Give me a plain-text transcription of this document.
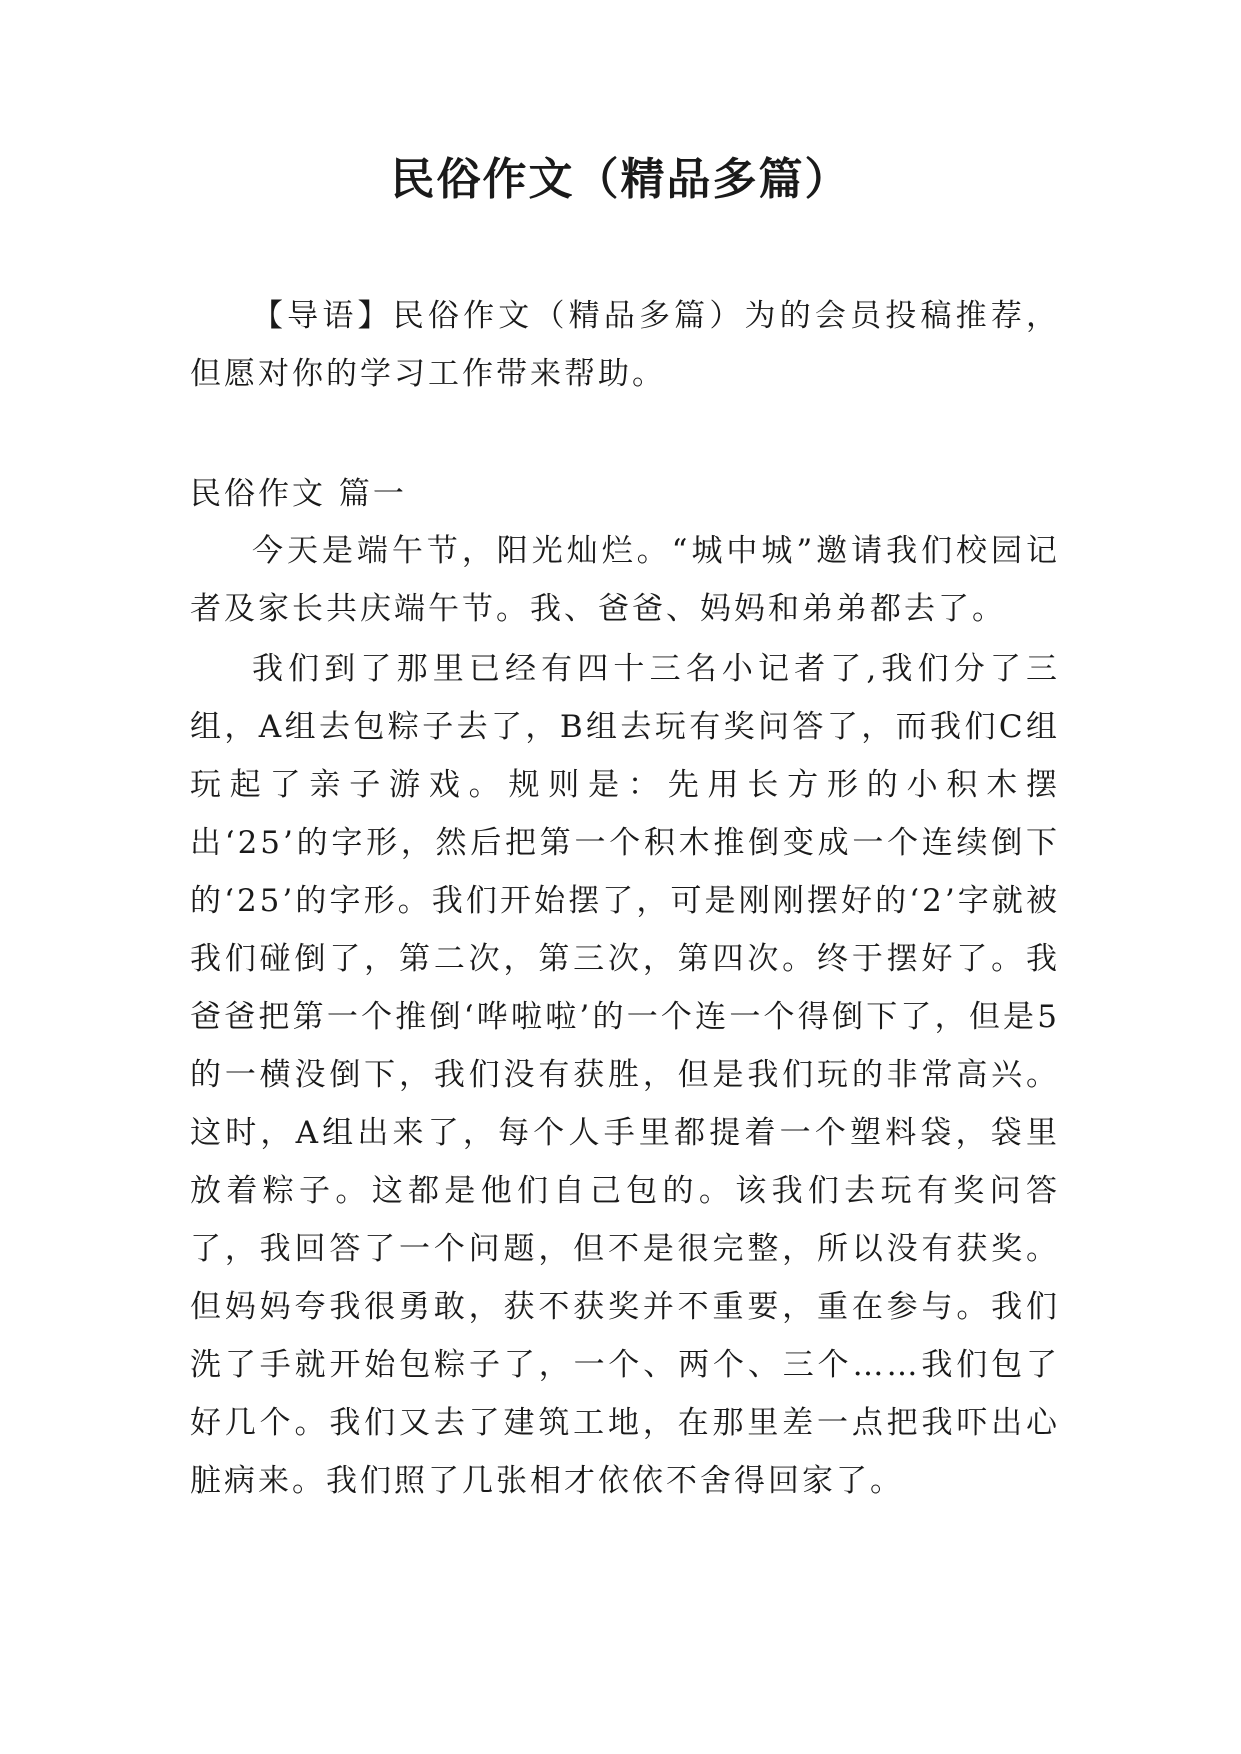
民俗作文（精品多篇）

【导语】民俗作文（精品多篇）为的会员投稿推荐，但愿对你的学习工作带来帮助。

民俗作文 篇一

今天是端午节，阳光灿烂。“城中城”邀请我们校园记者及家长共庆端午节。我、爸爸、妈妈和弟弟都去了。

我们到了那里已经有四十三名小记者了,我们分了三组，A组去包粽子去了，B组去玩有奖问答了，而我们C组玩起了亲子游戏。规则是：先用长方形的小积木摆出‘25’的字形，然后把第一个积木推倒变成一个连续倒下的‘25’的字形。我们开始摆了，可是刚刚摆好的‘2’字就被我们碰倒了，第二次，第三次，第四次。终于摆好了。我爸爸把第一个推倒‘哗啦啦’的一个连一个得倒下了，但是5的一横没倒下，我们没有获胜，但是我们玩的非常高兴。这时，A组出来了，每个人手里都提着一个塑料袋，袋里放着粽子。这都是他们自己包的。该我们去玩有奖问答了，我回答了一个问题，但不是很完整，所以没有获奖。但妈妈夸我很勇敢，获不获奖并不重要，重在参与。我们洗了手就开始包粽子了，一个、两个、三个……我们包了好几个。我们又去了建筑工地，在那里差一点把我吓出心脏病来。我们照了几张相才依依不舍得回家了。
